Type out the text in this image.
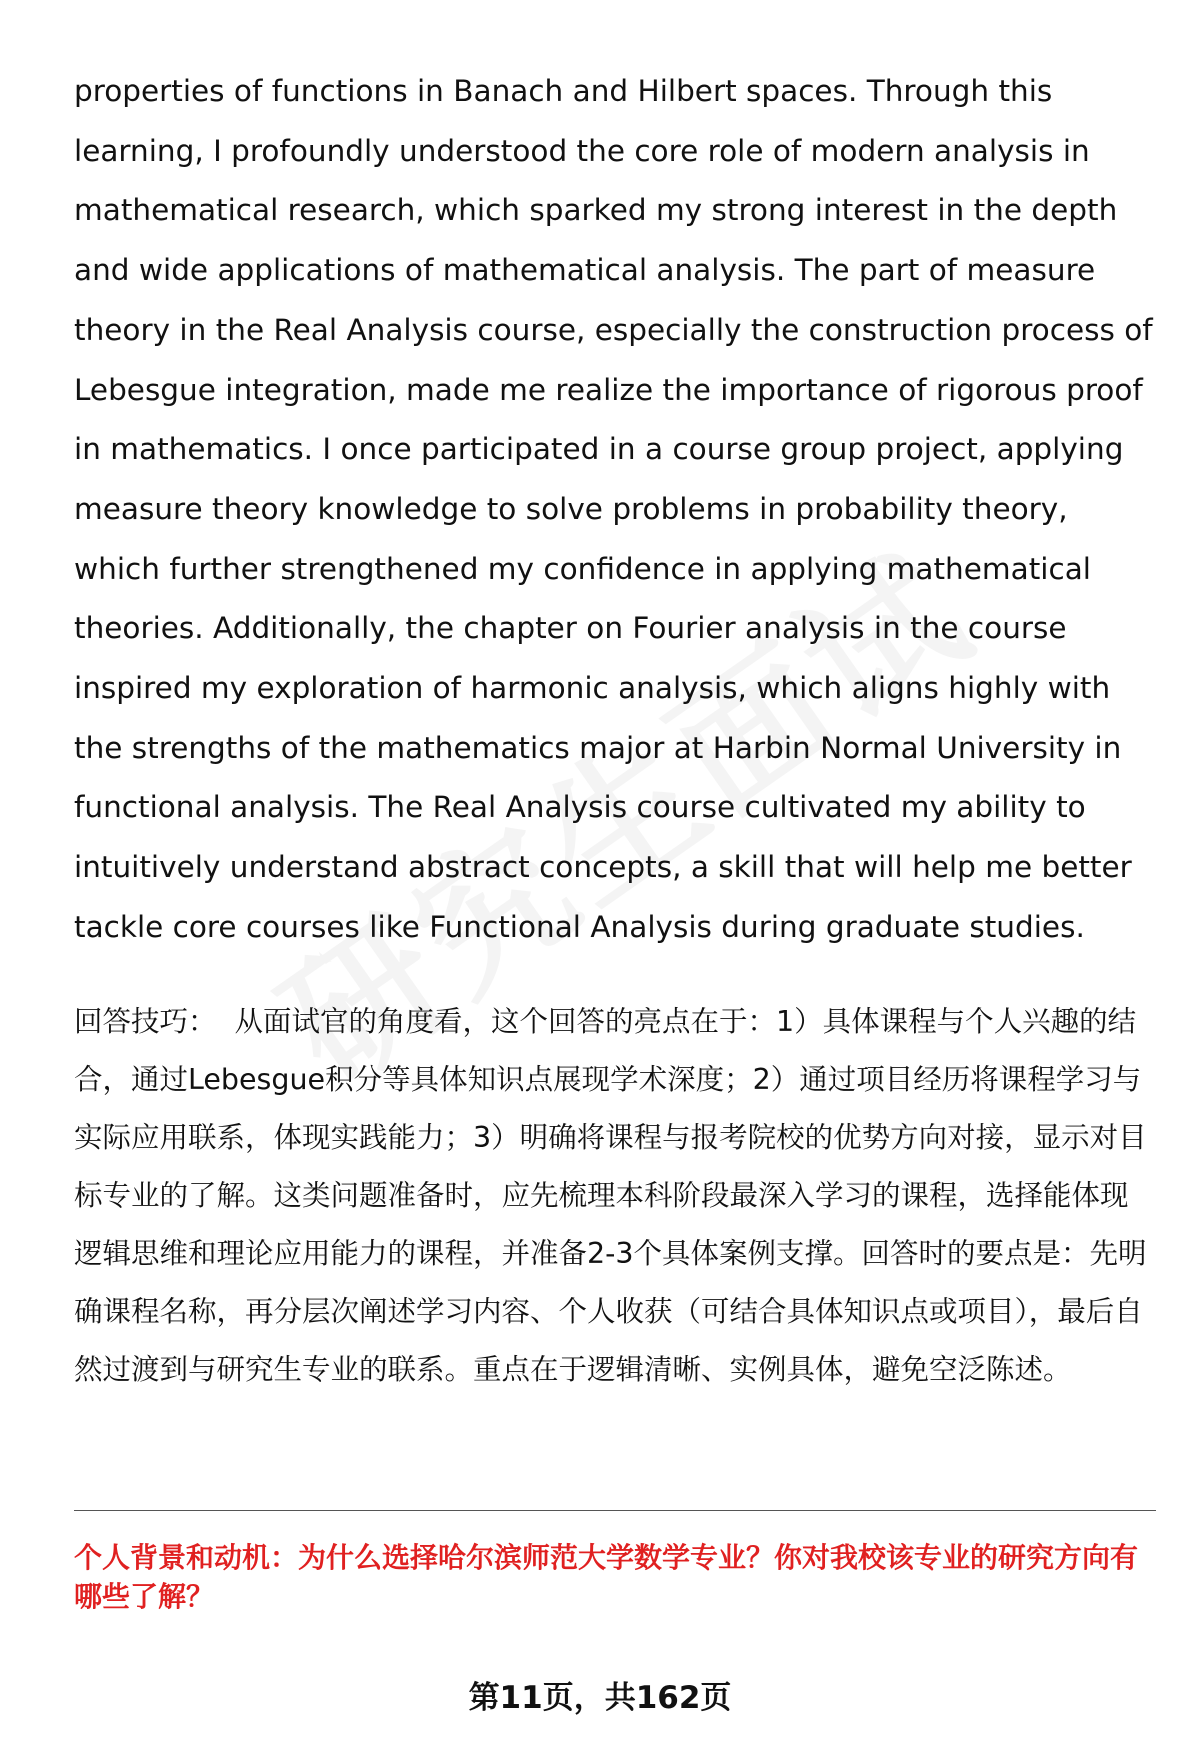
properties of functions in Banach and Hilbert spaces. Through this learning, I profoundly understood the core role of modern analysis in mathematical research, which sparked my strong interest in the depth and wide applications of mathematical analysis. The part of measure theory in the Real Analysis course, especially the construction process of Lebesgue integration, made me realize the importance of rigorous proof in mathematics. I once participated in a course group project, applying measure theory knowledge to solve problems in probability theory, which further strengthened my confidence in applying mathematical theories. Additionally, the chapter on Fourier analysis in the course inspired my exploration of harmonic analysis, which aligns highly with the strengths of the mathematics major at Harbin Normal University in functional analysis. The Real Analysis course cultivated my ability to intuitively understand abstract concepts, a skill that will help me better tackle core courses like Functional Analysis during graduate studies.

回答技巧： 从面试官的角度看，这个回答的亮点在于：1）具体课程与个人兴趣的结合，通过Lebesgue积分等具体知识点展现学术深度；2）通过项目经历将课程学习与实际应用联系，体现实践能力；3）明确将课程与报考院校的优势方向对接，显示对目标专业的了解。这类问题准备时，应先梳理本科阶段最深入学习的课程，选择能体现逻辑思维和理论应用能力的课程，并准备2-3个具体案例支撑。回答时的要点是：先明确课程名称，再分层次阐述学习内容、个人收获（可结合具体知识点或项目），最后自然过渡到与研究生专业的联系。重点在于逻辑清晰、实例具体，避免空泛陈述。

个人背景和动机：为什么选择哈尔滨师范大学数学专业？你对我校该专业的研究方向有哪些了解？

第11页，共162页
